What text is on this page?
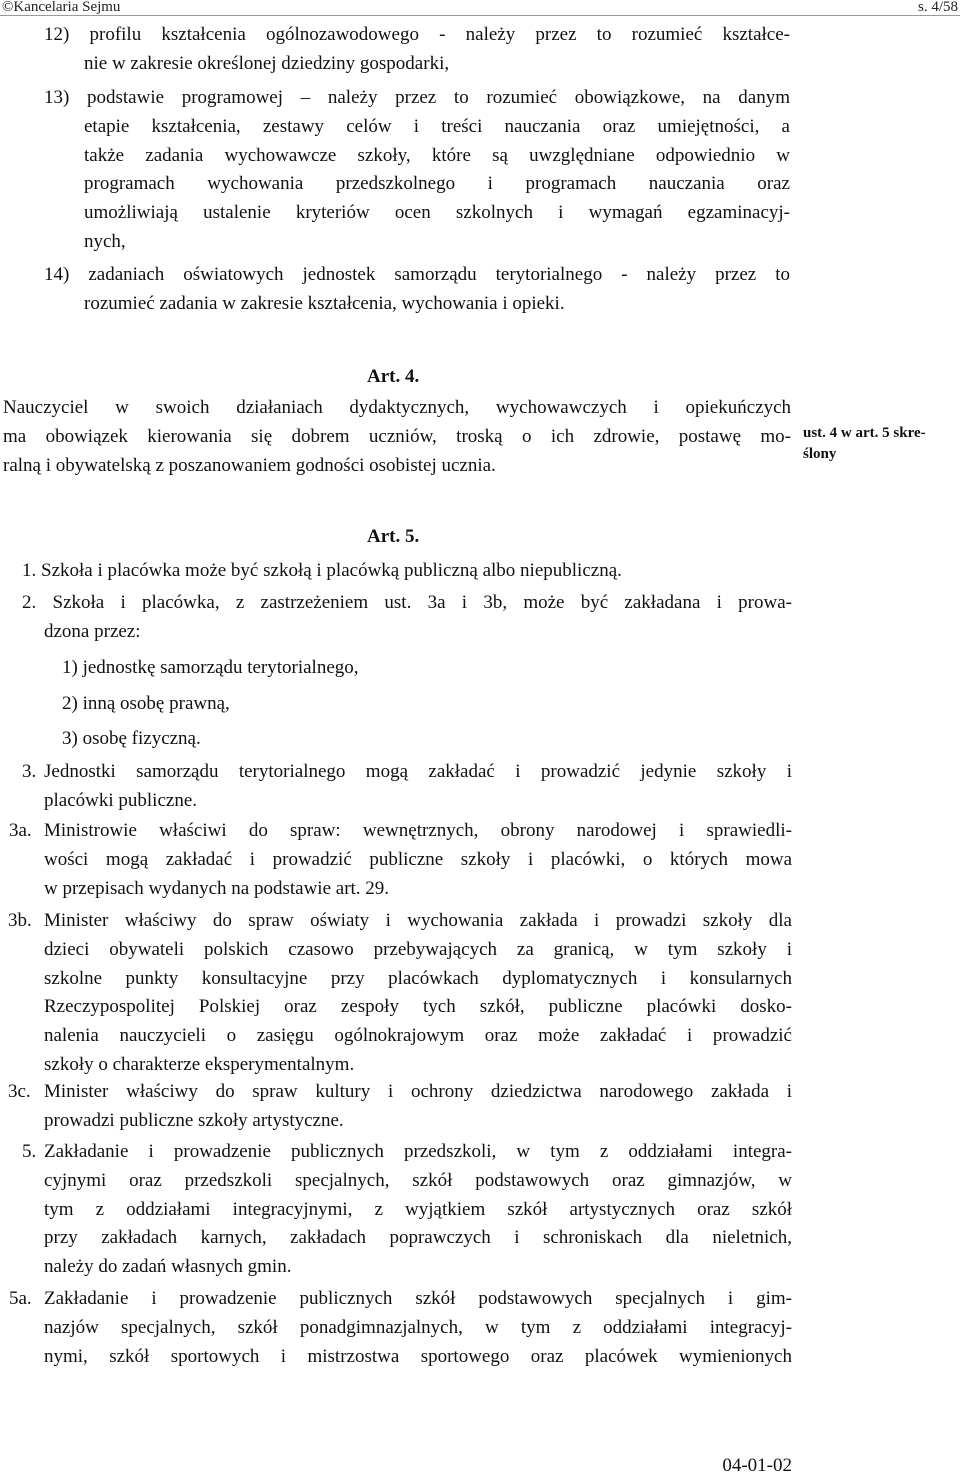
©Kancelaria Sejmu	s. 4/58
12) profilu kształcenia ogólnozawodowego - należy przez to rozumieć kształce-
nie w zakresie określonej dziedziny gospodarki,
13) podstawie programowej – należy przez to rozumieć obowiązkowe, na danym
etapie kształcenia, zestawy celów i treści nauczania oraz umiejętności, a
także zadania wychowawcze szkoły, które są uwzględniane odpowiednio w
programach wychowania przedszkolnego i programach nauczania oraz
umożliwiają ustalenie kryteriów ocen szkolnych i wymagań egzaminacyj-
nych,
14) zadaniach oświatowych jednostek samorządu terytorialnego - należy przez to
rozumieć zadania w zakresie kształcenia, wychowania i opieki.
Art. 4.
Nauczyciel w swoich działaniach dydaktycznych, wychowawczych i opiekuńczych
ma obowiązek kierowania się dobrem uczniów, troską o ich zdrowie, postawę mo-
ralną i obywatelską z poszanowaniem godności osobistej ucznia.
ust. 4 w art. 5 skre-
ślony
Art. 5.
1. Szkoła i placówka może być szkołą i placówką publiczną albo niepubliczną.
2. Szkoła i placówka, z zastrzeżeniem ust. 3a i 3b, może być zakładana i prowa-
dzona przez:
1) jednostkę samorządu terytorialnego,
2) inną osobę prawną,
3) osobę fizyczną.
3. Jednostki samorządu terytorialnego mogą zakładać i prowadzić jedynie szkoły i
placówki publiczne.
3a. Ministrowie właściwi do spraw: wewnętrznych, obrony narodowej i sprawiedli-
wości mogą zakładać i prowadzić publiczne szkoły i placówki, o których mowa
w przepisach wydanych na podstawie art. 29.
3b. Minister właściwy do spraw oświaty i wychowania zakłada i prowadzi szkoły dla
dzieci obywateli polskich czasowo przebywających za granicą, w tym szkoły i
szkolne punkty konsultacyjne przy placówkach dyplomatycznych i konsularnych
Rzeczypospolitej Polskiej oraz zespoły tych szkół, publiczne placówki dosko-
nalenia nauczycieli o zasięgu ogólnokrajowym oraz może zakładać i prowadzić
szkoły o charakterze eksperymentalnym.
3c. Minister właściwy do spraw kultury i ochrony dziedzictwa narodowego zakłada i
prowadzi publiczne szkoły artystyczne.
5. Zakładanie i prowadzenie publicznych przedszkoli, w tym z oddziałami integra-
cyjnymi oraz przedszkoli specjalnych, szkół podstawowych oraz gimnazjów, w
tym z oddziałami integracyjnymi, z wyjątkiem szkół artystycznych oraz szkół
przy zakładach karnych, zakładach poprawczych i schroniskach dla nieletnich,
należy do zadań własnych gmin.
5a. Zakładanie i prowadzenie publicznych szkół podstawowych specjalnych i gim-
nazjów specjalnych, szkół ponadgimnazjalnych, w tym z oddziałami integracyj-
nymi, szkół sportowych i mistrzostwa sportowego oraz placówek wymienionych
04-01-02
